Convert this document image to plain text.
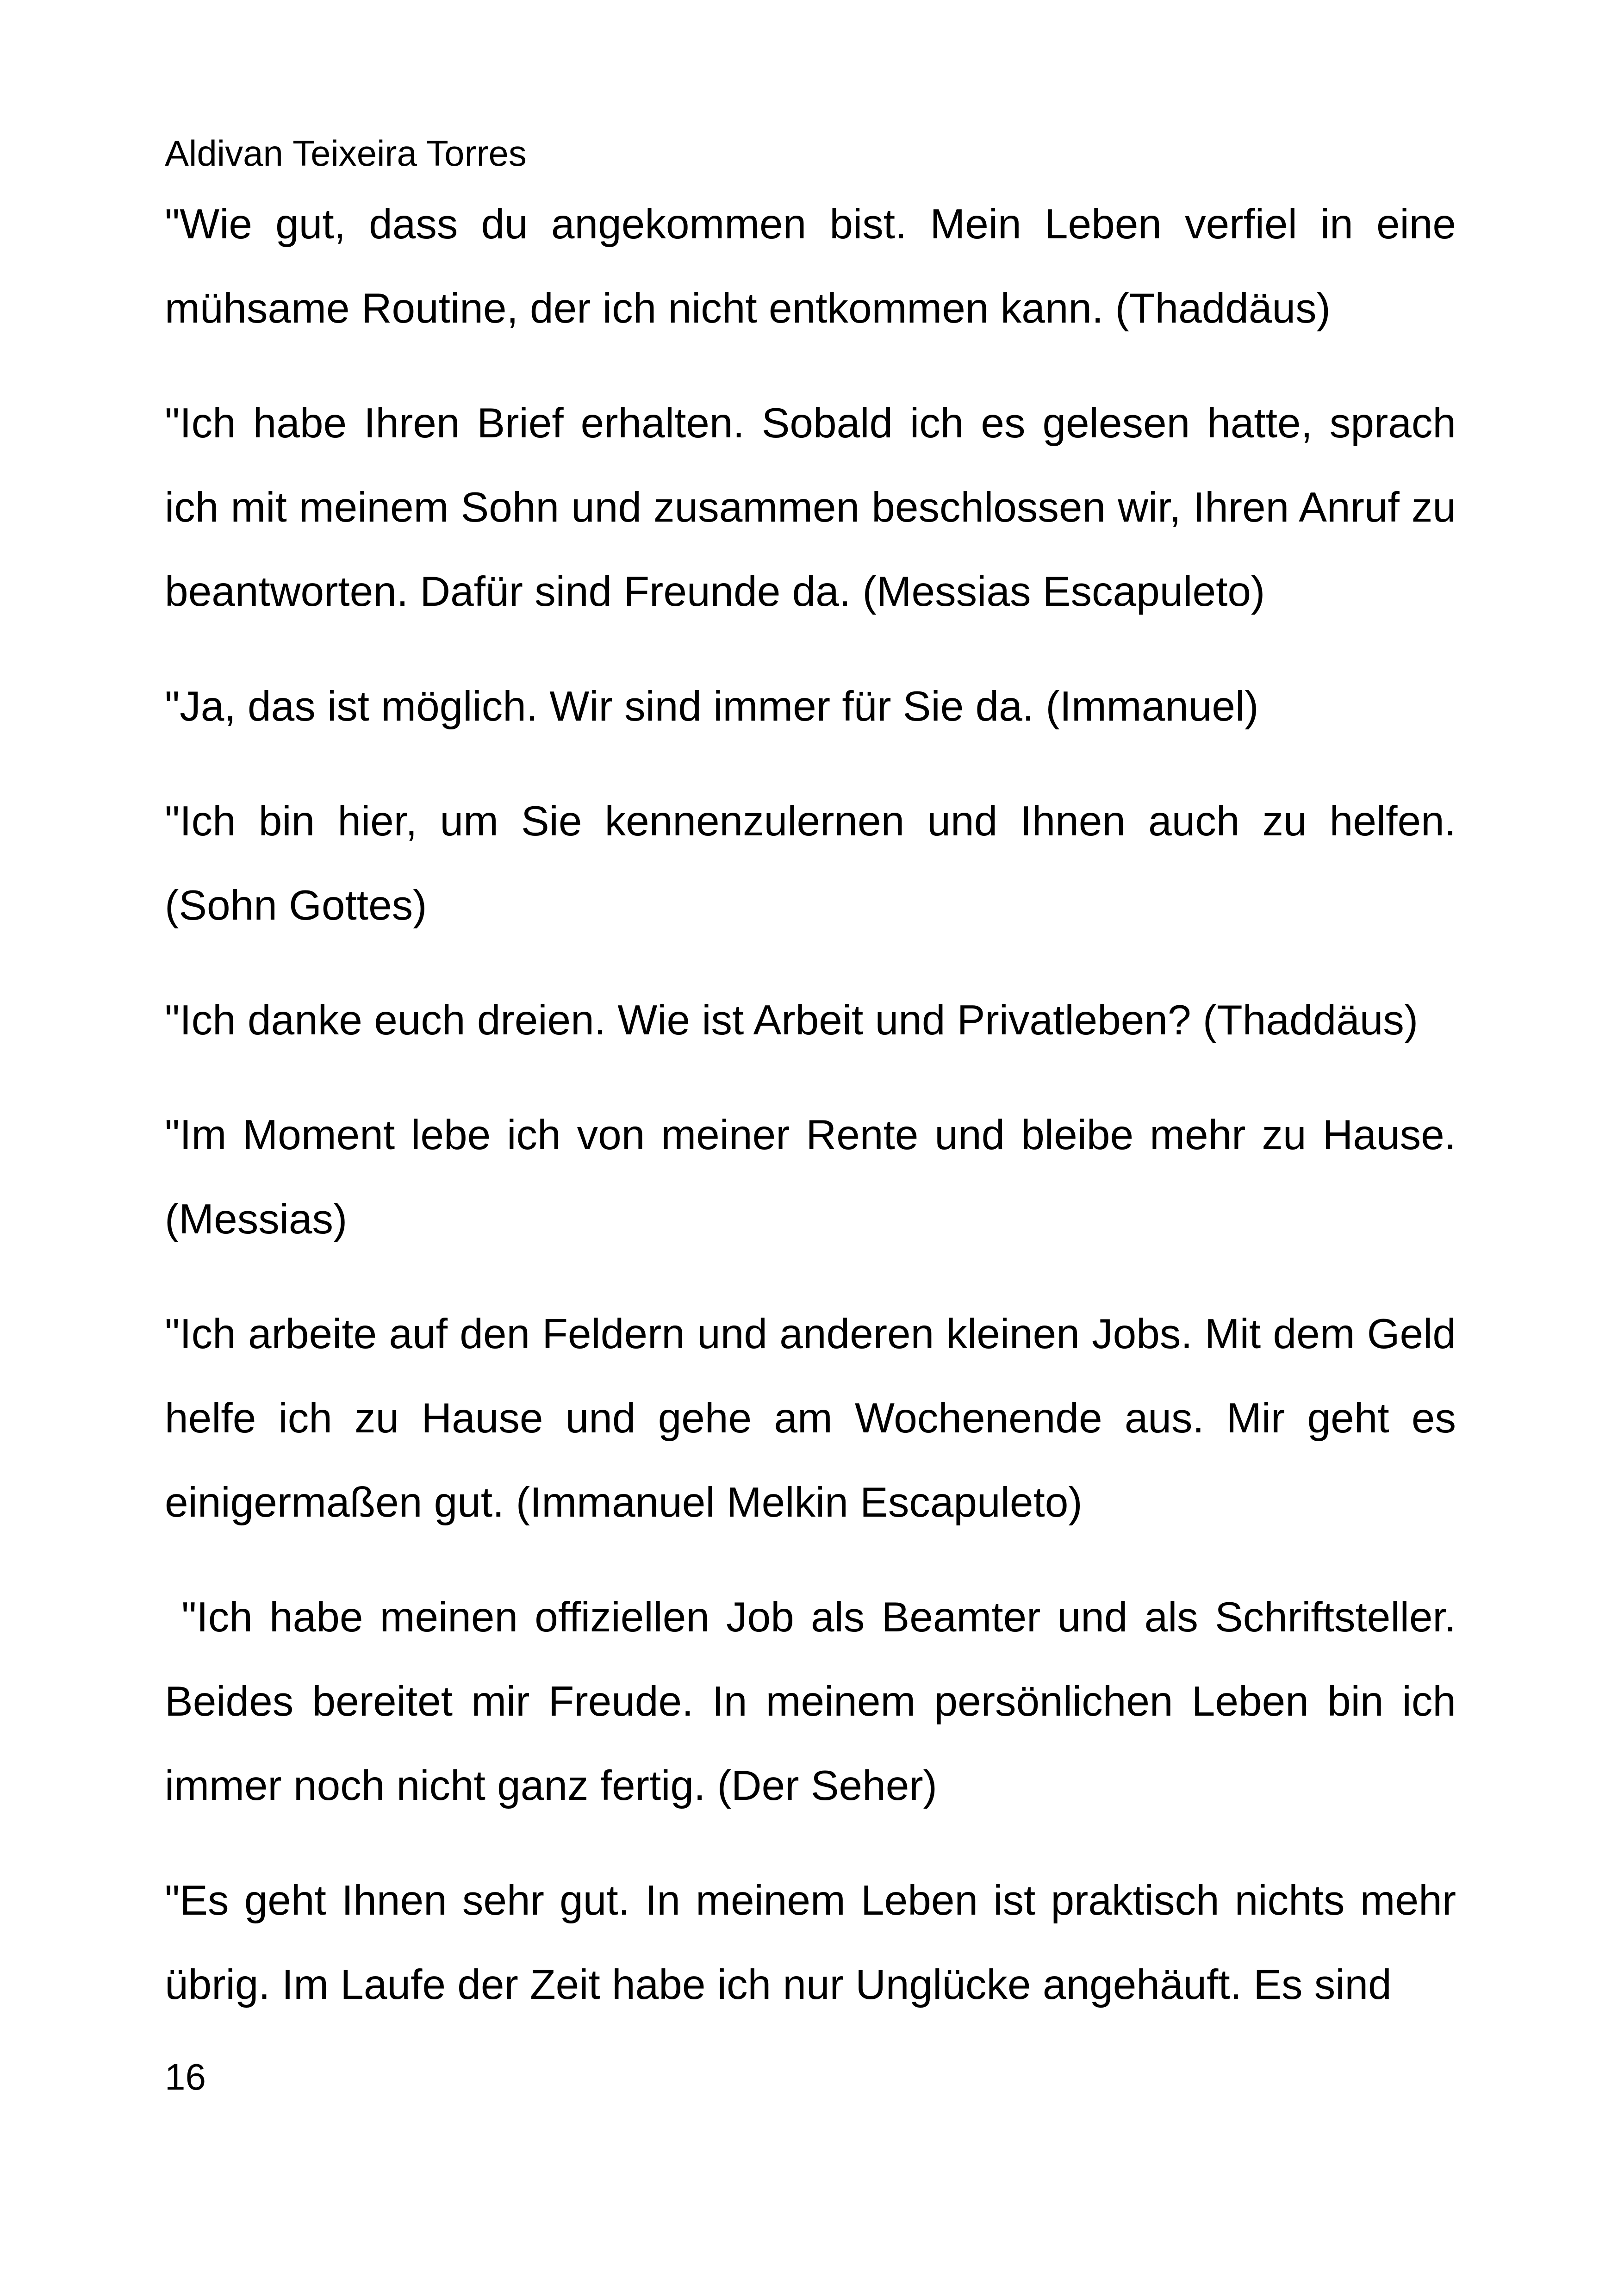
Aldivan Teixeira Torres

"Wie gut, dass du angekommen bist. Mein Leben verfiel in eine mühsame Routine, der ich nicht entkommen kann. (Thaddäus)

"Ich habe Ihren Brief erhalten. Sobald ich es gelesen hatte, sprach ich mit meinem Sohn und zusammen beschlossen wir, Ihren Anruf zu beantworten. Dafür sind Freunde da. (Messias Escapuleto)

"Ja, das ist möglich. Wir sind immer für Sie da. (Immanuel)

"Ich bin hier, um Sie kennenzulernen und Ihnen auch zu helfen. (Sohn Gottes)

"Ich danke euch dreien. Wie ist Arbeit und Privatleben? (Thaddäus)

"Im Moment lebe ich von meiner Rente und bleibe mehr zu Hause. (Messias)

"Ich arbeite auf den Feldern und anderen kleinen Jobs. Mit dem Geld helfe ich zu Hause und gehe am Wochenende aus. Mir geht es einigermaßen gut. (Immanuel Melkin Escapuleto)

"Ich habe meinen offiziellen Job als Beamter und als Schriftsteller. Beides bereitet mir Freude. In meinem persönlichen Leben bin ich immer noch nicht ganz fertig. (Der Seher)

"Es geht Ihnen sehr gut. In meinem Leben ist praktisch nichts mehr übrig. Im Laufe der Zeit habe ich nur Unglücke angehäuft. Es sind

16
